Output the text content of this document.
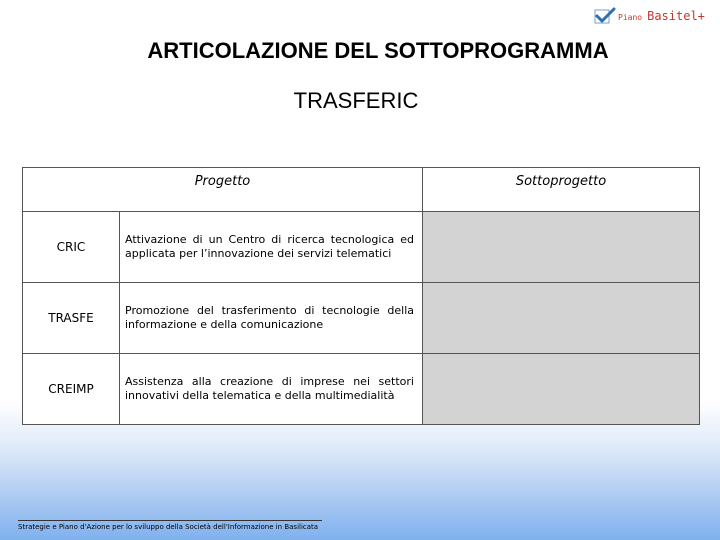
Piano Basitel+
ARTICOLAZIONE DEL SOTTOPROGRAMMA
TRASFERIC
Progetto	Sottoprogetto
CRIC
Attivazione di un Centro di ricerca tecnologica ed applicata per l’innovazione dei servizi telematici
TRASFE
Promozione del trasferimento di tecnologie della informazione e della comunicazione
CREIMP
Assistenza alla creazione di imprese nei settori innovativi della telematica e della multimedialità
Strategie e Piano d'Azione per lo sviluppo della Società dell'Informazione in Basilicata
